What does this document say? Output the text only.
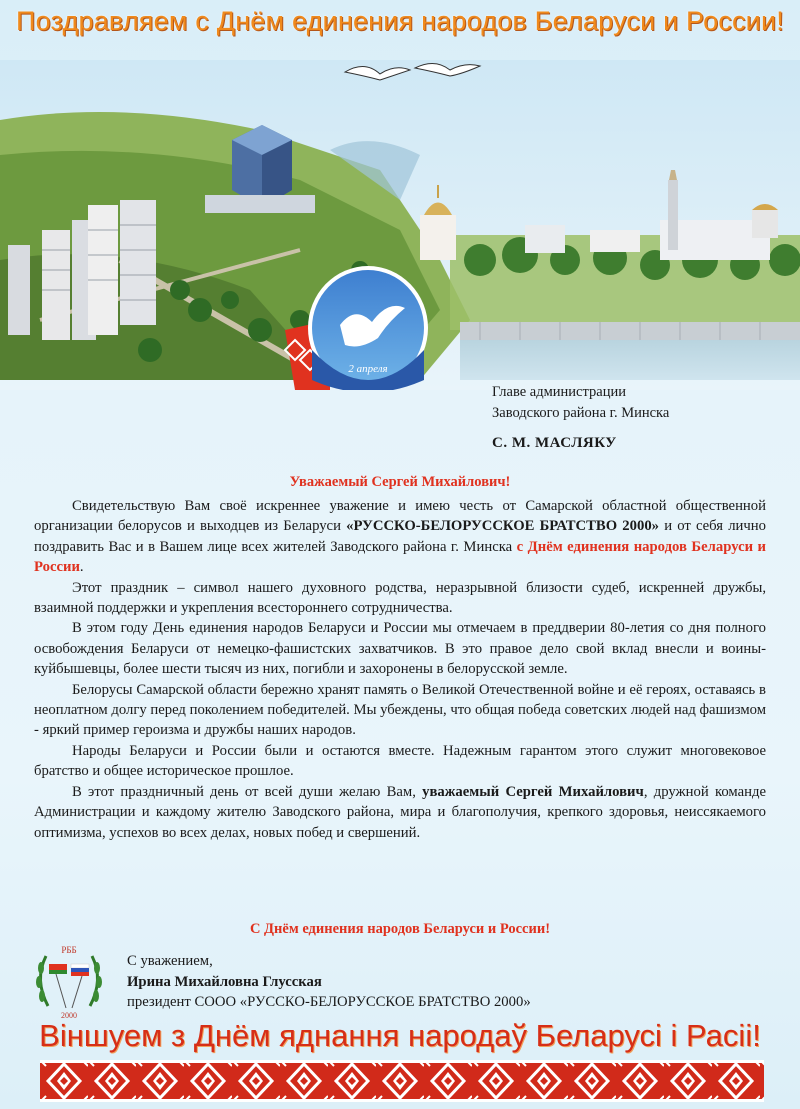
Поздравляем с Днём единения народов Беларуси и России!
2 апреля
Главе администрации
Заводского района г. Минска
С. М. МАСЛЯКУ
Уважаемый Сергей Михайлович!

Свидетельствую Вам своё искреннее уважение и имею честь от Самарской областной общественной организации белорусов и выходцев из Беларуси «РУССКО-БЕЛОРУССКОЕ БРАТСТВО 2000» и от себя лично поздравить Вас и в Вашем лице всех жителей Заводского района г. Минска с Днём единения народов Беларуси и России.

Этот праздник – символ нашего духовного родства, неразрывной близости судеб, искренней дружбы, взаимной поддержки и укрепления всестороннего сотрудничества.

В этом году День единения народов Беларуси и России мы отмечаем в преддверии 80-летия со дня полного освобождения Беларуси от немецко-фашистских захватчиков. В это правое дело свой вклад внесли и воины-куйбышевцы, более шести тысяч из них, погибли и захоронены в белорусской земле.

Белорусы Самарской области бережно хранят память о Великой Отечественной войне и её героях, оставаясь в неоплатном долгу перед поколением победителей. Мы убеждены, что общая победа советских людей над фашизмом - яркий пример героизма и дружбы наших народов.

Народы Беларуси и России были и остаются вместе. Надежным гарантом этого служит многовековое братство и общее историческое прошлое.

В этот праздничный день от всей души желаю Вам, уважаемый Сергей Михайлович, дружной команде Администрации и каждому жителю Заводского района, мира и благополучия, крепкого здоровья, неиссякаемого оптимизма, успехов во всех делах, новых побед и свершений.

С Днём единения народов Беларуси и России!
РББ
2000
С уважением,
Ирина Михайловна Глусская
президент СООО «РУССКО-БЕЛОРУССКОЕ БРАТСТВО 2000»
Віншуем з Днём яднання народаў Беларусі і Расіі!
